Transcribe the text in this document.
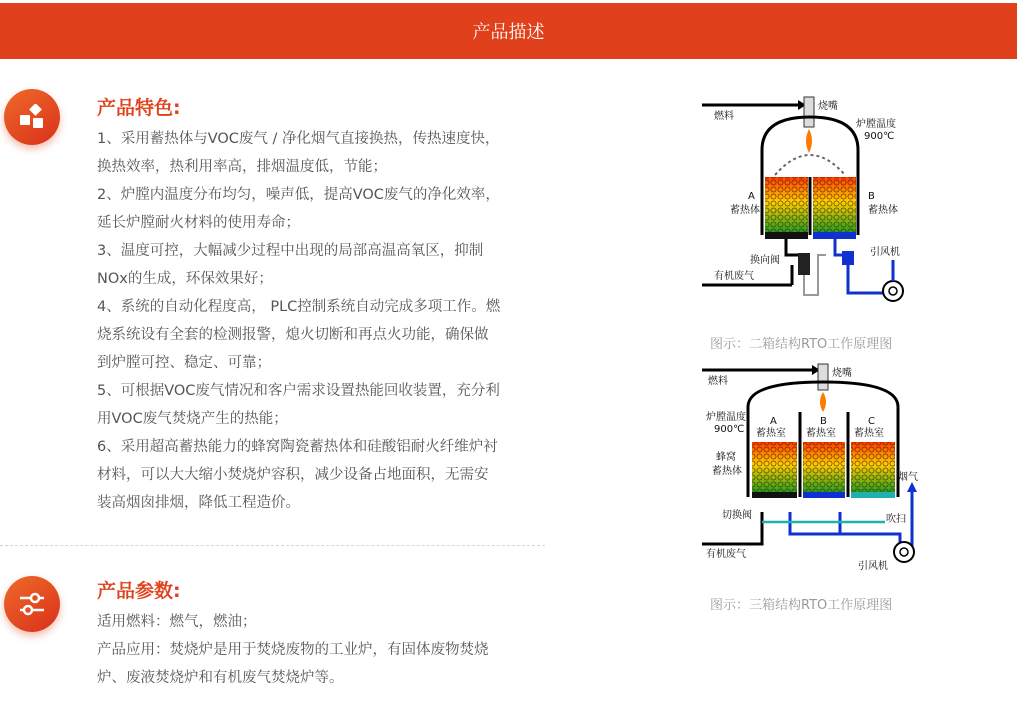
产品描述
产品特色:
1、采用蓄热体与VOC废气 / 净化烟气直接换热，传热速度快，
换热效率，热利用率高，排烟温度低，节能；
2、炉膛内温度分布均匀，噪声低，提高VOC废气的净化效率，
延长炉膛耐火材料的使用寿命；
3、温度可控，大幅减少过程中出现的局部高温高氧区，抑制
NOx的生成，环保效果好；
4、系统的自动化程度高， PLC控制系统自动完成多项工作。燃
烧系统设有全套的检测报警，熄火切断和再点火功能，确保做
到炉膛可控、稳定、可靠；
5、可根据VOC废气情况和客户需求设置热能回收装置，充分利
用VOC废气焚烧产生的热能；
6、采用超高蓄热能力的蜂窝陶瓷蓄热体和硅酸铝耐火纤维炉衬
材料，可以大大缩小焚烧炉容积，减少设备占地面积，无需安
装高烟囱排烟，降低工程造价。
产品参数:
适用燃料：燃气，燃油；
产品应用：焚烧炉是用于焚烧废物的工业炉，有固体废物焚烧
炉、废液焚烧炉和有机废气焚烧炉等。
燃料
烧嘴
炉膛温度
900℃
A
蓄热体
B
蓄热体
换向阀
引风机
有机废气
图示：二箱结构RTO工作原理图
燃料
烧嘴
炉膛温度
900℃
A	B	C
蓄热室 蓄热室 蓄热室
蜂窝
蓄热体
烟气
吹扫
切换阀
有机废气
引风机
图示：三箱结构RTO工作原理图
